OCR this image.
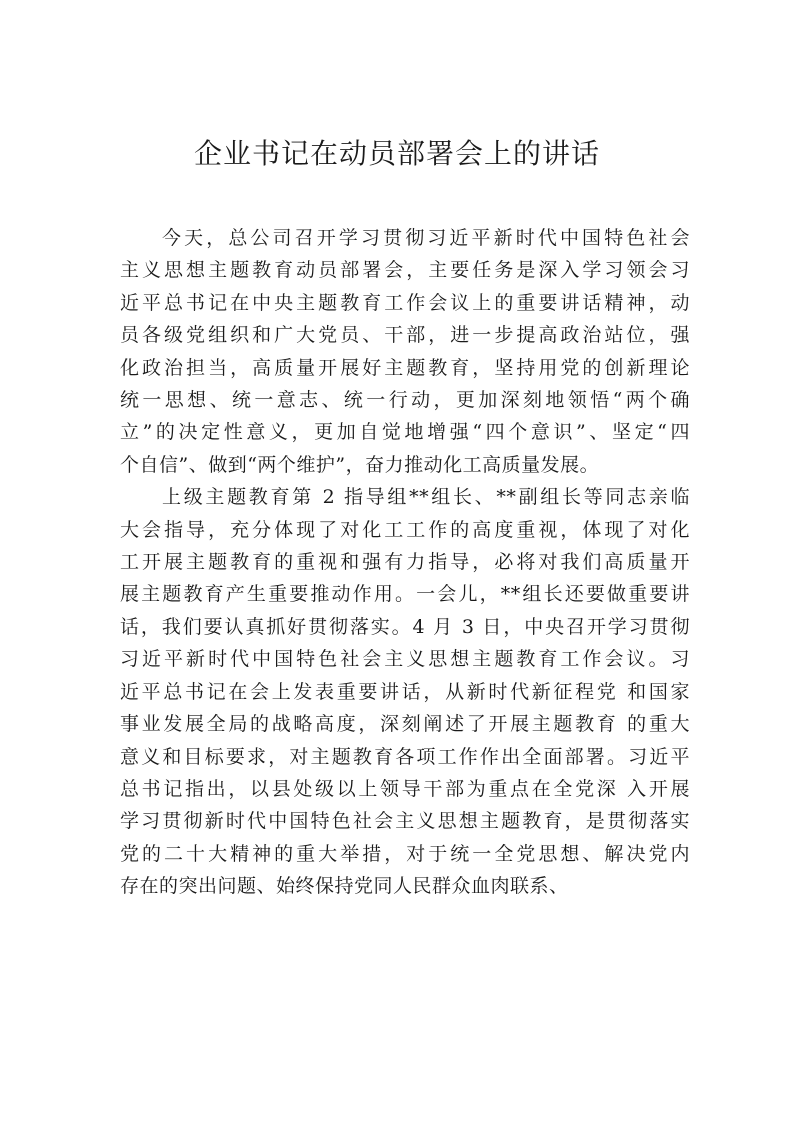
企业书记在动员部署会上的讲话
今天，总公司召开学习贯彻习近平新时代中国特色社会
主义思想主题教育动员部署会，主要任务是深入学习领会习
近平总书记在中央主题教育工作会议上的重要讲话精神，动
员各级党组织和广大党员、干部，进一步提高政治站位，强
化政治担当，高质量开展好主题教育，坚持用党的创新理论
统一思想、统一意志、统一行动，更加深刻地领悟“两个确
立”的决定性意义，更加自觉地增强“四个意识”、坚定“四
个自信”、做到“两个维护”，奋力推动化工高质量发展。
上级主题教育第 2 指导组**组长、**副组长等同志亲临
大会指导，充分体现了对化工工作的高度重视，体现了对化
工开展主题教育的重视和强有力指导，必将对我们高质量开
展主题教育产生重要推动作用。一会儿，**组长还要做重要讲
话，我们要认真抓好贯彻落实。4 月 3 日，中央召开学习贯彻
习近平新时代中国特色社会主义思想主题教育工作会议。习
近平总书记在会上发表重要讲话，从新时代新征程党 和国家
事业发展全局的战略高度，深刻阐述了开展主题教育 的重大
意义和目标要求，对主题教育各项工作作出全面部署。习近平
总书记指出，以县处级以上领导干部为重点在全党深 入开展
学习贯彻新时代中国特色社会主义思想主题教育，是贯彻落实
党的二十大精神的重大举措，对于统一全党思想、解决党内
存在的突出问题、始终保持党同人民群众血肉联系、
